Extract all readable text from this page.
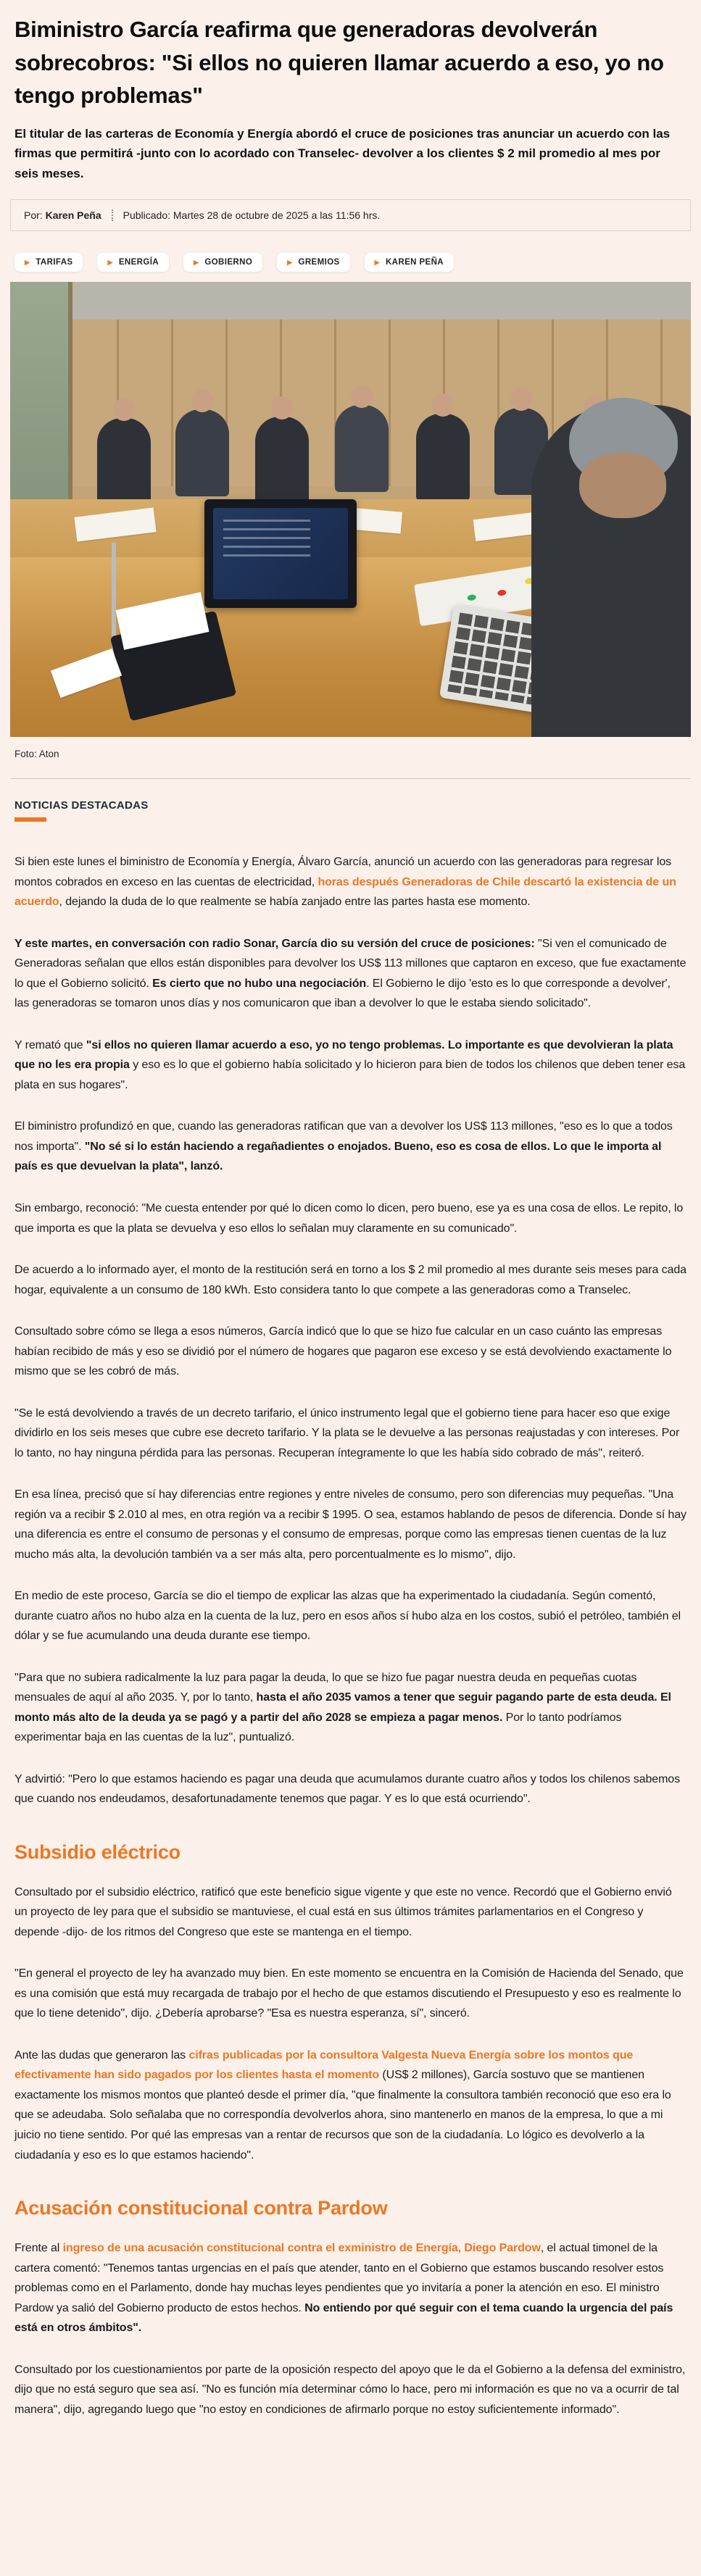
Biministro García reafirma que generadoras devolverán sobrecobros: "Si ellos no quieren llamar acuerdo a eso, yo no tengo problemas"

El titular de las carteras de Economía y Energía abordó el cruce de posiciones tras anunciar un acuerdo con las firmas que permitirá -junto con lo acordado con Transelec- devolver a los clientes $ 2 mil promedio al mes por seis meses.

Por: Karen Peña Publicado: Martes 28 de octubre de 2025 a las 11:56 hrs.
▶ TARIFAS	▶ ENERGÍA	▶ GOBIERNO	▶ GREMIOS	▶ KAREN PEÑA

Foto: Aton

NOTICIAS DESTACADAS

Si bien este lunes el biministro de Economía y Energía, Álvaro García, anunció un acuerdo con las generadoras para regresar los montos cobrados en exceso en las cuentas de electricidad, horas después Generadoras de Chile descartó la existencia de un acuerdo, dejando la duda de lo que realmente se había zanjado entre las partes hasta ese momento.

Y este martes, en conversación con radio Sonar, García dio su versión del cruce de posiciones: "Si ven el comunicado de Generadoras señalan que ellos están disponibles para devolver los US$ 113 millones que captaron en exceso, que fue exactamente lo que el Gobierno solicitó. Es cierto que no hubo una negociación. El Gobierno le dijo 'esto es lo que corresponde a devolver', las generadoras se tomaron unos días y nos comunicaron que iban a devolver lo que le estaba siendo solicitado".

Y remató que "si ellos no quieren llamar acuerdo a eso, yo no tengo problemas. Lo importante es que devolvieran la plata que no les era propia y eso es lo que el gobierno había solicitado y lo hicieron para bien de todos los chilenos que deben tener esa plata en sus hogares".

El biministro profundizó en que, cuando las generadoras ratifican que van a devolver los US$ 113 millones, "eso es lo que a todos nos importa". "No sé si lo están haciendo a regañadientes o enojados. Bueno, eso es cosa de ellos. Lo que le importa al país es que devuelvan la plata", lanzó.

Sin embargo, reconoció: "Me cuesta entender por qué lo dicen como lo dicen, pero bueno, ese ya es una cosa de ellos. Le repito, lo que importa es que la plata se devuelva y eso ellos lo señalan muy claramente en su comunicado".

De acuerdo a lo informado ayer, el monto de la restitución será en torno a los $ 2 mil promedio al mes durante seis meses para cada hogar, equivalente a un consumo de 180 kWh. Esto considera tanto lo que compete a las generadoras como a Transelec.

Consultado sobre cómo se llega a esos números, García indicó que lo que se hizo fue calcular en un caso cuánto las empresas habían recibido de más y eso se dividió por el número de hogares que pagaron ese exceso y se está devolviendo exactamente lo mismo que se les cobró de más.

"Se le está devolviendo a través de un decreto tarifario, el único instrumento legal que el gobierno tiene para hacer eso que exige dividirlo en los seis meses que cubre ese decreto tarifario. Y la plata se le devuelve a las personas reajustadas y con intereses. Por lo tanto, no hay ninguna pérdida para las personas. Recuperan íntegramente lo que les había sido cobrado de más", reiteró.

En esa línea, precisó que sí hay diferencias entre regiones y entre niveles de consumo, pero son diferencias muy pequeñas. "Una región va a recibir $ 2.010 al mes, en otra región va a recibir $ 1995. O sea, estamos hablando de pesos de diferencia. Donde sí hay una diferencia es entre el consumo de personas y el consumo de empresas, porque como las empresas tienen cuentas de la luz mucho más alta, la devolución también va a ser más alta, pero porcentualmente es lo mismo", dijo.

En medio de este proceso, García se dio el tiempo de explicar las alzas que ha experimentado la ciudadanía. Según comentó, durante cuatro años no hubo alza en la cuenta de la luz, pero en esos años sí hubo alza en los costos, subió el petróleo, también el dólar y se fue acumulando una deuda durante ese tiempo.

"Para que no subiera radicalmente la luz para pagar la deuda, lo que se hizo fue pagar nuestra deuda en pequeñas cuotas mensuales de aquí al año 2035. Y, por lo tanto, hasta el año 2035 vamos a tener que seguir pagando parte de esta deuda. El monto más alto de la deuda ya se pagó y a partir del año 2028 se empieza a pagar menos. Por lo tanto podríamos experimentar baja en las cuentas de la luz", puntualizó.

Y advirtió: "Pero lo que estamos haciendo es pagar una deuda que acumulamos durante cuatro años y todos los chilenos sabemos que cuando nos endeudamos, desafortunadamente tenemos que pagar. Y es lo que está ocurriendo".

Subsidio eléctrico

Consultado por el subsidio eléctrico, ratificó que este beneficio sigue vigente y que este no vence. Recordó que el Gobierno envió un proyecto de ley para que el subsidio se mantuviese, el cual está en sus últimos trámites parlamentarios en el Congreso y depende -dijo- de los ritmos del Congreso que este se mantenga en el tiempo.

"En general el proyecto de ley ha avanzado muy bien. En este momento se encuentra en la Comisión de Hacienda del Senado, que es una comisión que está muy recargada de trabajo por el hecho de que estamos discutiendo el Presupuesto y eso es realmente lo que lo tiene detenido", dijo. ¿Debería aprobarse? "Esa es nuestra esperanza, sí", sinceró.

Ante las dudas que generaron las cifras publicadas por la consultora Valgesta Nueva Energía sobre los montos que efectivamente han sido pagados por los clientes hasta el momento (US$ 2 millones), García sostuvo que se mantienen exactamente los mismos montos que planteó desde el primer día, "que finalmente la consultora también reconoció que eso era lo que se adeudaba. Solo señalaba que no correspondía devolverlos ahora, sino mantenerlo en manos de la empresa, lo que a mi juicio no tiene sentido. Por qué las empresas van a rentar de recursos que son de la ciudadanía. Lo lógico es devolverlo a la ciudadanía y eso es lo que estamos haciendo".

Acusación constitucional contra Pardow

Frente al ingreso de una acusación constitucional contra el exministro de Energía, Diego Pardow, el actual timonel de la cartera comentó: "Tenemos tantas urgencias en el país que atender, tanto en el Gobierno que estamos buscando resolver estos problemas como en el Parlamento, donde hay muchas leyes pendientes que yo invitaría a poner la atención en eso. El ministro Pardow ya salió del Gobierno producto de estos hechos. No entiendo por qué seguir con el tema cuando la urgencia del país está en otros ámbitos".

Consultado por los cuestionamientos por parte de la oposición respecto del apoyo que le da el Gobierno a la defensa del exministro, dijo que no está seguro que sea así. "No es función mía determinar cómo lo hace, pero mi información es que no va a ocurrir de tal manera", dijo, agregando luego que "no estoy en condiciones de afirmarlo porque no estoy suficientemente informado".
